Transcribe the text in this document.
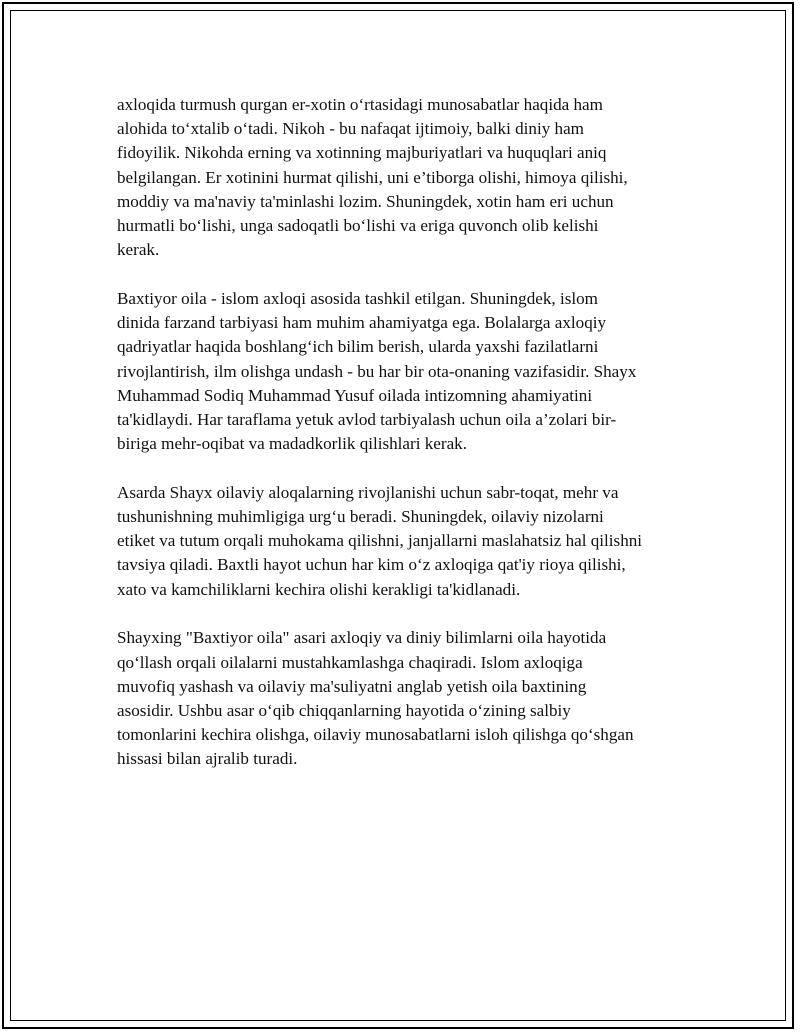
axloqida turmush qurgan er-xotin oʻrtasidagi munosabatlar haqida ham
alohida toʻxtalib oʻtadi. Nikoh - bu nafaqat ijtimoiy, balki diniy ham
fidoyilik. Nikohda erning va xotinning majburiyatlari va huquqlari aniq
belgilangan. Er xotinini hurmat qilishi, uni e’tiborga olishi, himoya qilishi,
moddiy va ma'naviy ta'minlashi lozim. Shuningdek, xotin ham eri uchun
hurmatli boʻlishi, unga sadoqatli boʻlishi va eriga quvonch olib kelishi
kerak.

Baxtiyor oila - islom axloqi asosida tashkil etilgan. Shuningdek, islom
dinida farzand tarbiyasi ham muhim ahamiyatga ega. Bolalarga axloqiy
qadriyatlar haqida boshlangʻich bilim berish, ularda yaxshi fazilatlarni
rivojlantirish, ilm olishga undash - bu har bir ota-onaning vazifasidir. Shayx
Muhammad Sodiq Muhammad Yusuf oilada intizomning ahamiyatini
ta'kidlaydi. Har taraflama yetuk avlod tarbiyalash uchun oila a’zolari bir-
biriga mehr-oqibat va madadkorlik qilishlari kerak.

Asarda Shayx oilaviy aloqalarning rivojlanishi uchun sabr-toqat, mehr va
tushunishning muhimligiga urgʻu beradi. Shuningdek, oilaviy nizolarni
etiket va tutum orqali muhokama qilishni, janjallarni maslahatsiz hal qilishni
tavsiya qiladi. Baxtli hayot uchun har kim oʻz axloqiga qat'iy rioya qilishi,
xato va kamchiliklarni kechira olishi kerakligi ta'kidlanadi.

Shayxing "Baxtiyor oila" asari axloqiy va diniy bilimlarni oila hayotida
qoʻllash orqali oilalarni mustahkamlashga chaqiradi. Islom axloqiga
muvofiq yashash va oilaviy ma'suliyatni anglab yetish oila baxtining
asosidir. Ushbu asar oʻqib chiqqanlarning hayotida oʻzining salbiy
tomonlarini kechira olishga, oilaviy munosabatlarni isloh qilishga qoʻshgan
hissasi bilan ajralib turadi.
